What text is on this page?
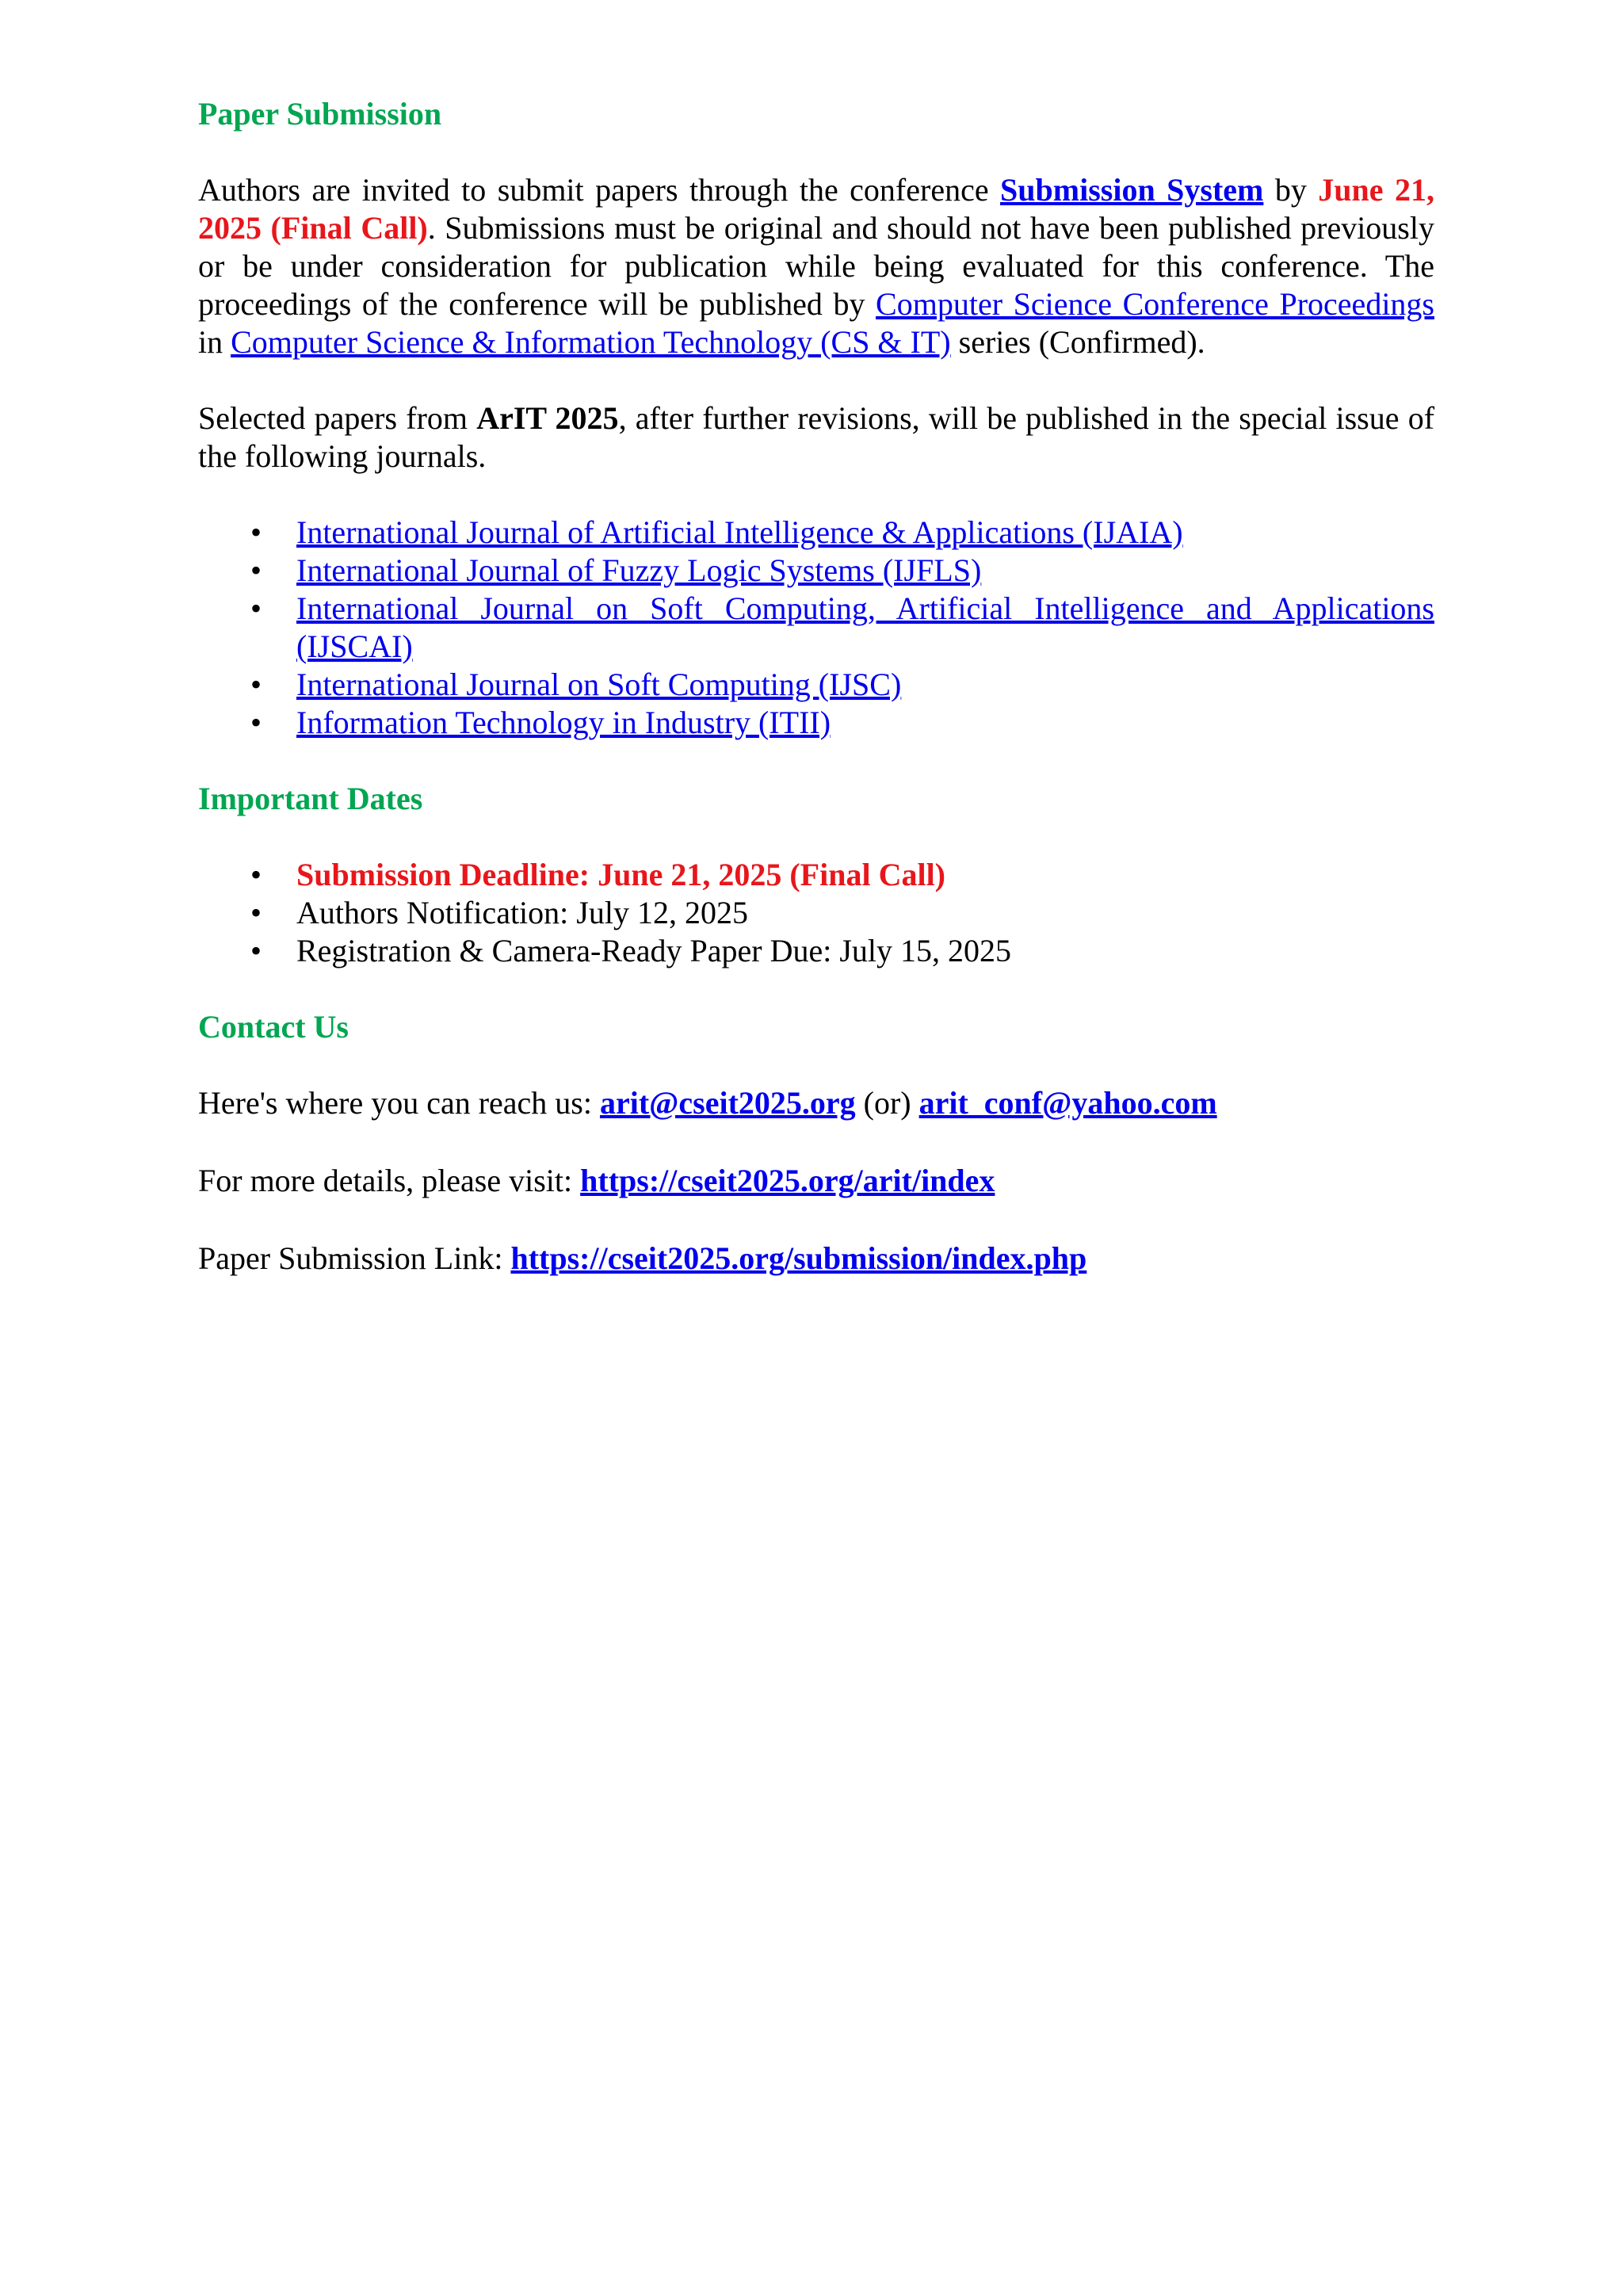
Paper Submission

Authors are invited to submit papers through the conference Submission System by June 21, 2025 (Final Call). Submissions must be original and should not have been published previously or be under consideration for publication while being evaluated for this conference. The proceedings of the conference will be published by Computer Science Conference Proceedings in Computer Science & Information Technology (CS & IT) series (Confirmed).

Selected papers from ArIT 2025, after further revisions, will be published in the special issue of the following journals.

• International Journal of Artificial Intelligence & Applications (IJAIA)
• International Journal of Fuzzy Logic Systems (IJFLS)
• International Journal on Soft Computing, Artificial Intelligence and Applications (IJSCAI)
• International Journal on Soft Computing (IJSC)
• Information Technology in Industry (ITII)
Important Dates
• Submission Deadline: June 21, 2025 (Final Call)
• Authors Notification: July 12, 2025
• Registration & Camera-Ready Paper Due: July 15, 2025
Contact Us

Here's where you can reach us: arit@cseit2025.org (or) arit_conf@yahoo.com

For more details, please visit: https://cseit2025.org/arit/index

Paper Submission Link: https://cseit2025.org/submission/index.php
